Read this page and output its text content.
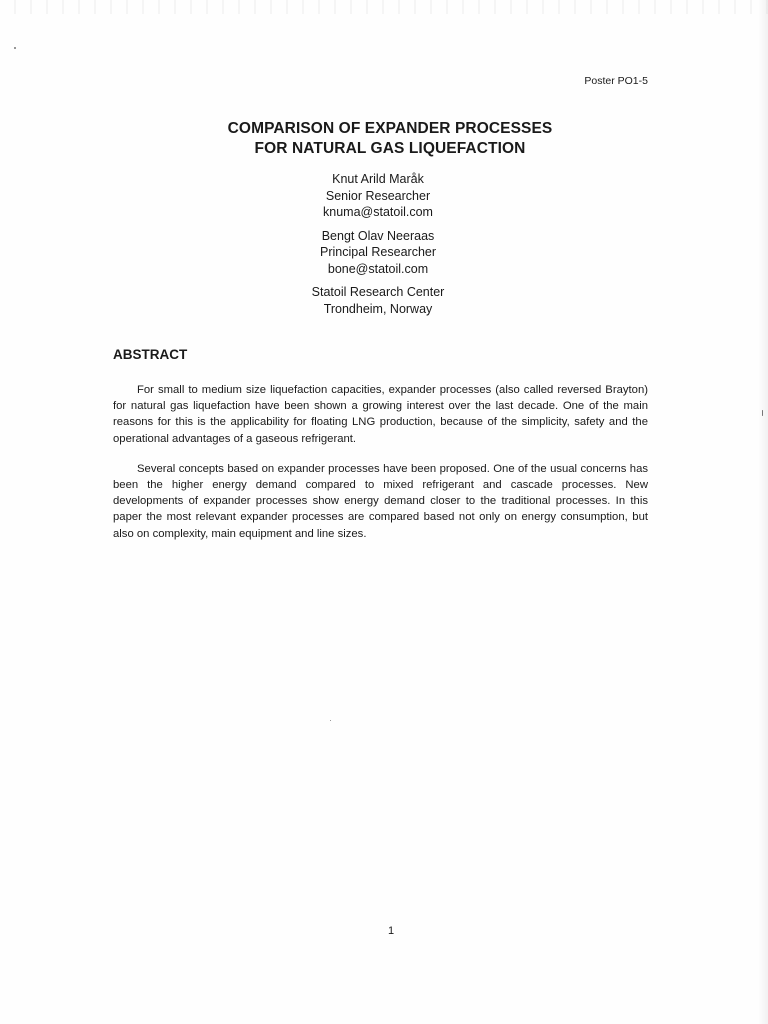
Poster PO1-5
COMPARISON OF EXPANDER PROCESSES
FOR NATURAL GAS LIQUEFACTION
Knut Arild Maråk
Senior Researcher
knuma@statoil.com
Bengt Olav Neeraas
Principal Researcher
bone@statoil.com
Statoil Research Center
Trondheim, Norway
ABSTRACT

For small to medium size liquefaction capacities, expander processes (also called reversed Brayton) for natural gas liquefaction have been shown a growing interest over the last decade. One of the main reasons for this is the applicability for floating LNG production, because of the simplicity, safety and the operational advantages of a gaseous refrigerant.

Several concepts based on expander processes have been proposed. One of the usual concerns has been the higher energy demand compared to mixed refrigerant and cascade processes. New developments of expander processes show energy demand closer to the traditional processes. In this paper the most relevant expander processes are compared based not only on energy consumption, but also on complexity, main equipment and line sizes.

1
